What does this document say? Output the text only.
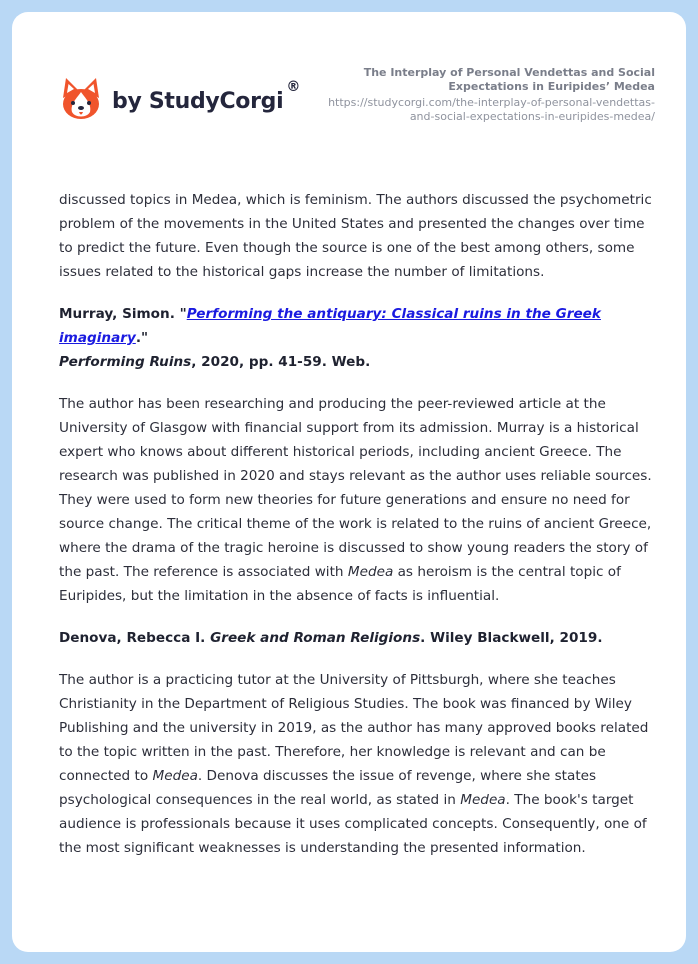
by StudyCorgi®
The Interplay of Personal Vendettas and Social Expectations in Euripides’ Medea
https://studycorgi.com/the-interplay-of-personal-vendettas-and-social-expectations-in-euripides-medea/

discussed topics in Medea, which is feminism. The authors discussed the psychometric problem of the movements in the United States and presented the changes over time to predict the future. Even though the source is one of the best among others, some issues related to the historical gaps increase the number of limitations.

Murray, Simon. "Performing the antiquary: Classical ruins in the Greek imaginary."
Performing Ruins, 2020, pp. 41-59. Web.

The author has been researching and producing the peer-reviewed article at the University of Glasgow with financial support from its admission. Murray is a historical expert who knows about different historical periods, including ancient Greece. The research was published in 2020 and stays relevant as the author uses reliable sources. They were used to form new theories for future generations and ensure no need for source change. The critical theme of the work is related to the ruins of ancient Greece, where the drama of the tragic heroine is discussed to show young readers the story of the past. The reference is associated with Medea as heroism is the central topic of Euripides, but the limitation in the absence of facts is influential.

Denova, Rebecca I. Greek and Roman Religions. Wiley Blackwell, 2019.

The author is a practicing tutor at the University of Pittsburgh, where she teaches Christianity in the Department of Religious Studies. The book was financed by Wiley Publishing and the university in 2019, as the author has many approved books related to the topic written in the past. Therefore, her knowledge is relevant and can be connected to Medea. Denova discusses the issue of revenge, where she states psychological consequences in the real world, as stated in Medea. The book's target audience is professionals because it uses complicated concepts. Consequently, one of the most significant weaknesses is understanding the presented information.
